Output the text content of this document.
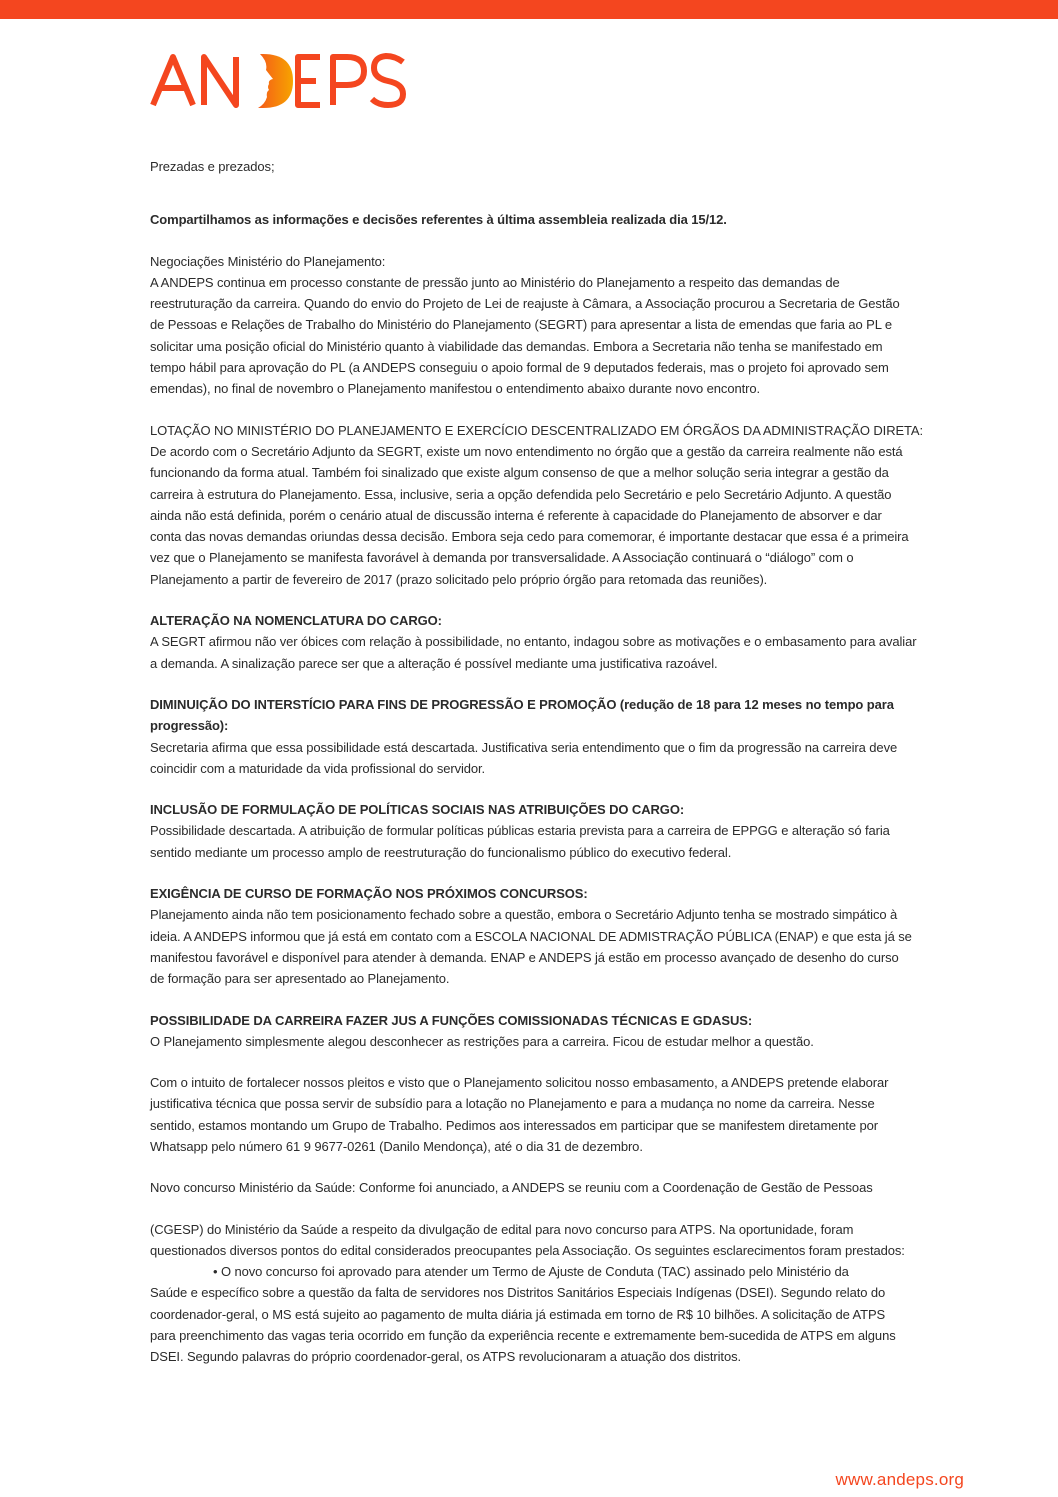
Prezadas e prezados;

Compartilhamos as informações e decisões referentes à última assembleia realizada dia 15/12.

Negociações Ministério do Planejamento:

A ANDEPS continua em processo constante de pressão junto ao Ministério do Planejamento a respeito das demandas de

reestruturação da carreira. Quando do envio do Projeto de Lei de reajuste à Câmara, a Associação procurou a Secretaria de Gestão

de Pessoas e Relações de Trabalho do Ministério do Planejamento (SEGRT) para apresentar a lista de emendas que faria ao PL e

solicitar uma posição oficial do Ministério quanto à viabilidade das demandas. Embora a Secretaria não tenha se manifestado em

tempo hábil para aprovação do PL (a ANDEPS conseguiu o apoio formal de 9 deputados federais, mas o projeto foi aprovado sem

emendas), no final de novembro o Planejamento manifestou o entendimento abaixo durante novo encontro.

LOTAÇÃO NO MINISTÉRIO DO PLANEJAMENTO E EXERCÍCIO DESCENTRALIZADO EM ÓRGÃOS DA ADMINISTRAÇÃO DIRETA:

De acordo com o Secretário Adjunto da SEGRT, existe um novo entendimento no órgão que a gestão da carreira realmente não está

funcionando da forma atual. Também foi sinalizado que existe algum consenso de que a melhor solução seria integrar a gestão da

carreira à estrutura do Planejamento. Essa, inclusive, seria a opção defendida pelo Secretário e pelo Secretário Adjunto. A questão

ainda não está definida, porém o cenário atual de discussão interna é referente à capacidade do Planejamento de absorver e dar

conta das novas demandas oriundas dessa decisão. Embora seja cedo para comemorar, é importante destacar que essa é a primeira

vez que o Planejamento se manifesta favorável à demanda por transversalidade. A Associação continuará o “diálogo” com o

Planejamento a partir de fevereiro de 2017 (prazo solicitado pelo próprio órgão para retomada das reuniões).

ALTERAÇÃO NA NOMENCLATURA DO CARGO:

A SEGRT afirmou não ver óbices com relação à possibilidade, no entanto, indagou sobre as motivações e o embasamento para avaliar

a demanda. A sinalização parece ser que a alteração é possível mediante uma justificativa razoável.

DIMINUIÇÃO DO INTERSTÍCIO PARA FINS DE PROGRESSÃO E PROMOÇÃO (redução de 18 para 12 meses no tempo para

progressão):

Secretaria afirma que essa possibilidade está descartada. Justificativa seria entendimento que o fim da progressão na carreira deve

coincidir com a maturidade da vida profissional do servidor.

INCLUSÃO DE FORMULAÇÃO DE POLÍTICAS SOCIAIS NAS ATRIBUIÇÕES DO CARGO:

Possibilidade descartada. A atribuição de formular políticas públicas estaria prevista para a carreira de EPPGG e alteração só faria

sentido mediante um processo amplo de reestruturação do funcionalismo público do executivo federal.

EXIGÊNCIA DE CURSO DE FORMAÇÃO NOS PRÓXIMOS CONCURSOS:

Planejamento ainda não tem posicionamento fechado sobre a questão, embora o Secretário Adjunto tenha se mostrado simpático à

ideia. A ANDEPS informou que já está em contato com a ESCOLA NACIONAL DE ADMISTRAÇÃO PÚBLICA (ENAP) e que esta já se

manifestou favorável e disponível para atender à demanda. ENAP e ANDEPS já estão em processo avançado de desenho do curso

de formação para ser apresentado ao Planejamento.

POSSIBILIDADE DA CARREIRA FAZER JUS A FUNÇÕES COMISSIONADAS TÉCNICAS E GDASUS:

O Planejamento simplesmente alegou desconhecer as restrições para a carreira. Ficou de estudar melhor a questão.

Com o intuito de fortalecer nossos pleitos e visto que o Planejamento solicitou nosso embasamento, a ANDEPS pretende elaborar

justificativa técnica que possa servir de subsídio para a lotação no Planejamento e para a mudança no nome da carreira. Nesse

sentido, estamos montando um Grupo de Trabalho. Pedimos aos interessados em participar que se manifestem diretamente por

Whatsapp pelo número 61 9 9677-0261 (Danilo Mendonça), até o dia 31 de dezembro.

Novo concurso Ministério da Saúde: Conforme foi anunciado, a ANDEPS se reuniu com a Coordenação de Gestão de Pessoas

(CGESP) do Ministério da Saúde a respeito da divulgação de edital para novo concurso para ATPS. Na oportunidade, foram

questionados diversos pontos do edital considerados preocupantes pela Associação. Os seguintes esclarecimentos foram prestados:

• O novo concurso foi aprovado para atender um Termo de Ajuste de Conduta (TAC) assinado pelo Ministério da

Saúde e específico sobre a questão da falta de servidores nos Distritos Sanitários Especiais Indígenas (DSEI). Segundo relato do

coordenador-geral, o MS está sujeito ao pagamento de multa diária já estimada em torno de R$ 10 bilhões. A solicitação de ATPS

para preenchimento das vagas teria ocorrido em função da experiência recente e extremamente bem-sucedida de ATPS em alguns

DSEI. Segundo palavras do próprio coordenador-geral, os ATPS revolucionaram a atuação dos distritos.

www.andeps.org
